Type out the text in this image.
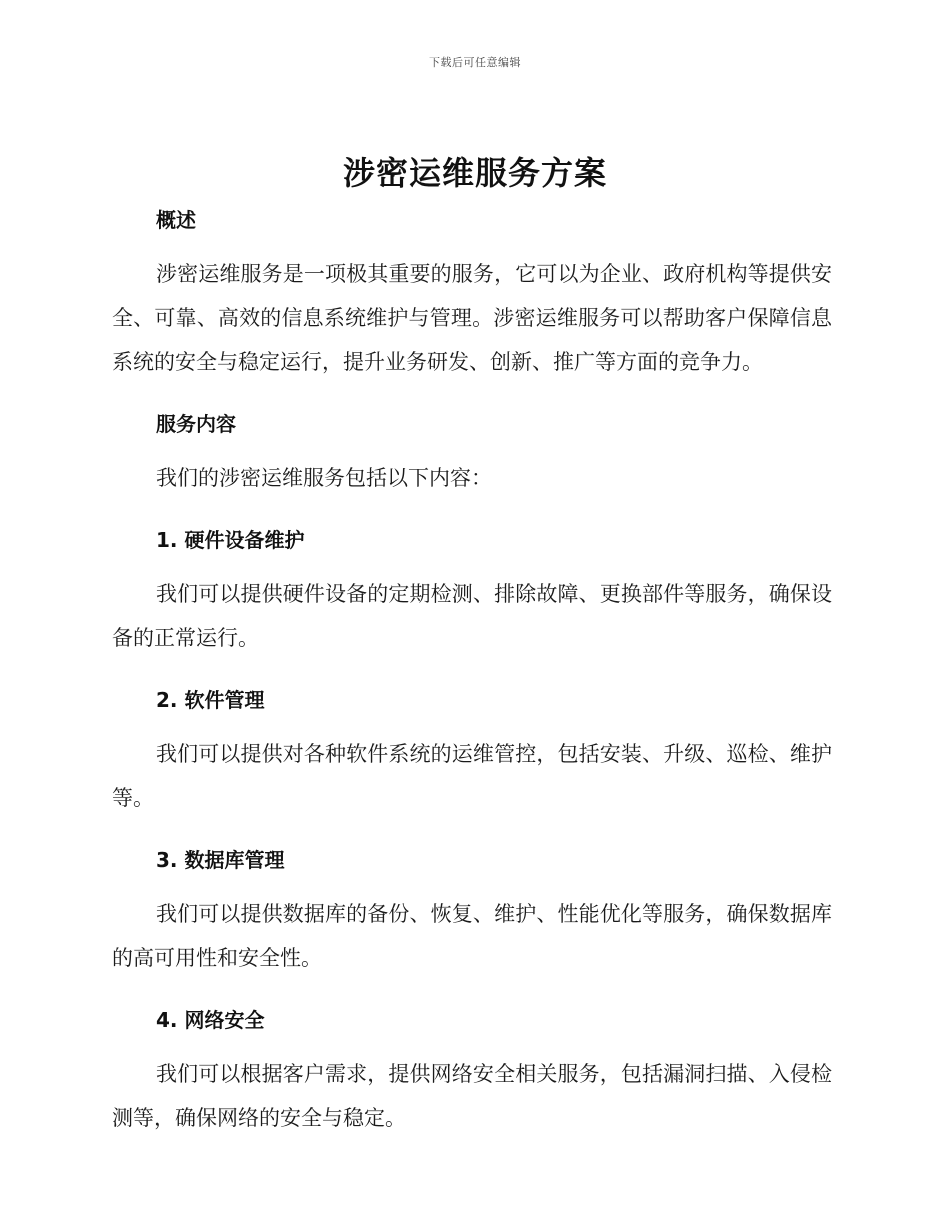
下载后可任意编辑
涉密运维服务方案
概述

涉密运维服务是一项极其重要的服务，它可以为企业、政府机构等提供安全、可靠、高效的信息系统维护与管理。涉密运维服务可以帮助客户保障信息系统的安全与稳定运行，提升业务研发、创新、推广等方面的竞争力。

服务内容

我们的涉密运维服务包括以下内容：

1. 硬件设备维护

我们可以提供硬件设备的定期检测、排除故障、更换部件等服务，确保设备的正常运行。

2. 软件管理

我们可以提供对各种软件系统的运维管控，包括安装、升级、巡检、维护等。

3. 数据库管理

我们可以提供数据库的备份、恢复、维护、性能优化等服务，确保数据库的高可用性和安全性。

4. 网络安全

我们可以根据客户需求，提供网络安全相关服务，包括漏洞扫描、入侵检测等，确保网络的安全与稳定。
